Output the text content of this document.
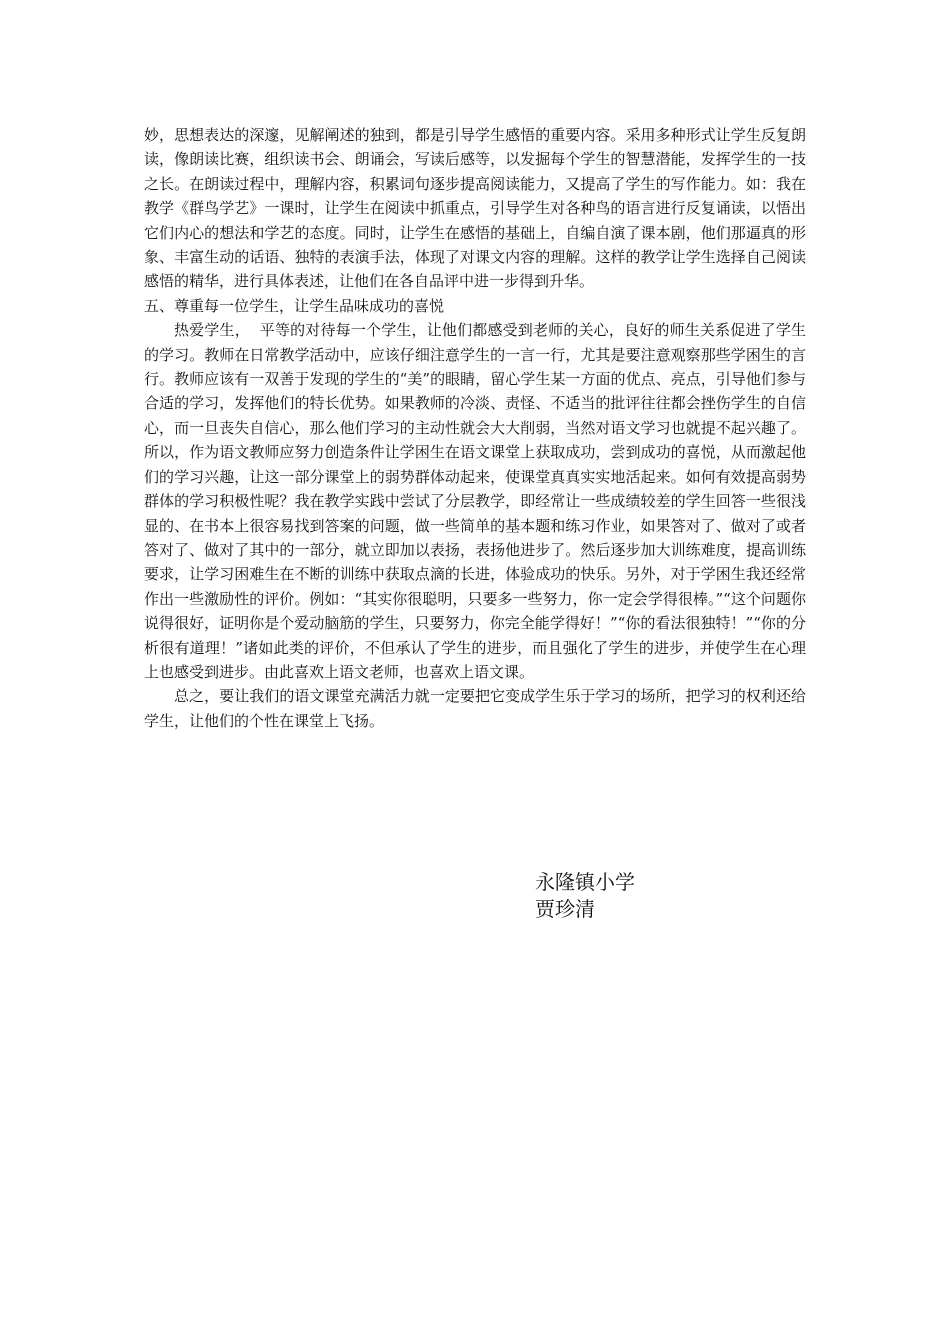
妙，思想表达的深邃，见解阐述的独到，都是引导学生感悟的重要内容。采用多种形式让学生反复朗读，像朗读比赛，组织读书会、朗诵会，写读后感等，以发掘每个学生的智慧潜能，发挥学生的一技之长。在朗读过程中，理解内容，积累词句逐步提高阅读能力，又提高了学生的写作能力。如：我在教学《群鸟学艺》一课时，让学生在阅读中抓重点，引导学生对各种鸟的语言进行反复诵读，以悟出它们内心的想法和学艺的态度。同时，让学生在感悟的基础上，自编自演了课本剧，他们那逼真的形象、丰富生动的话语、独特的表演手法，体现了对课文内容的理解。这样的教学让学生选择自己阅读感悟的精华，进行具体表述，让他们在各自品评中进一步得到升华。

五、尊重每一位学生，让学生品味成功的喜悦

热爱学生，  平等的对待每一个学生，让他们都感受到老师的关心，良好的师生关系促进了学生的学习。教师在日常教学活动中，应该仔细注意学生的一言一行，尤其是要注意观察那些学困生的言行。教师应该有一双善于发现的学生的“美”的眼睛，留心学生某一方面的优点、亮点，引导他们参与合适的学习，发挥他们的特长优势。如果教师的冷淡、责怪、不适当的批评往往都会挫伤学生的自信心，而一旦丧失自信心，那么他们学习的主动性就会大大削弱，当然对语文学习也就提不起兴趣了。所以，作为语文教师应努力创造条件让学困生在语文课堂上获取成功，尝到成功的喜悦，从而激起他们的学习兴趣，让这一部分课堂上的弱势群体动起来，使课堂真真实实地活起来。如何有效提高弱势群体的学习积极性呢？我在教学实践中尝试了分层教学，即经常让一些成绩较差的学生回答一些很浅显的、在书本上很容易找到答案的问题，做一些简单的基本题和练习作业，如果答对了、做对了或者答对了、做对了其中的一部分，就立即加以表扬，表扬他进步了。然后逐步加大训练难度，提高训练要求，让学习困难生在不断的训练中获取点滴的长进，体验成功的快乐。另外，对于学困生我还经常作出一些激励性的评价。例如：“其实你很聪明，只要多一些努力，你一定会学得很棒。”“这个问题你说得很好，证明你是个爱动脑筋的学生，只要努力，你完全能学得好！”“你的看法很独特！”“你的分析很有道理！”诸如此类的评价，不但承认了学生的进步，而且强化了学生的进步，并使学生在心理上也感受到进步。由此喜欢上语文老师，也喜欢上语文课。

总之，要让我们的语文课堂充满活力就一定要把它变成学生乐于学习的场所，把学习的权利还给学生，让他们的个性在课堂上飞扬。

永隆镇小学
贾珍清
